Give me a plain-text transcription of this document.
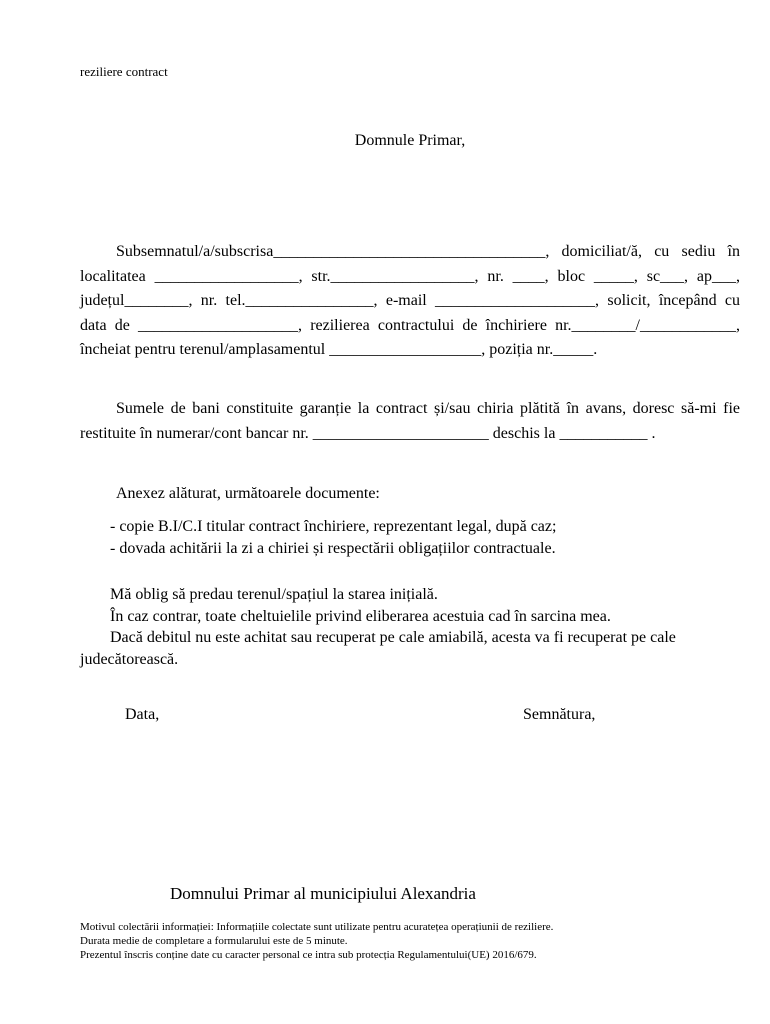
reziliere contract
Domnule Primar,
Subsemnatul/a/subscrisa__________________________________, domiciliat/ă, cu sediu în localitatea __________________, str.__________________, nr. ____, bloc _____, sc___, ap___, județul________, nr. tel.________________, e-mail ____________________, solicit, începând cu data de ____________________, rezilierea contractului de închiriere nr.________/____________, încheiat pentru terenul/amplasamentul ___________________, poziția nr._____.
Sumele de bani constituite garanție la contract și/sau chiria plătită în avans, doresc să-mi fie restituite în numerar/cont bancar nr. ______________________ deschis la ___________ .
Anexez alăturat, următoarele documente:
- copie B.I/C.I titular contract închiriere, reprezentant legal, după caz;
- dovada achitării la zi a chiriei și respectării obligațiilor contractuale.
Mă oblig să predau terenul/spațiul la starea inițială.
În caz contrar, toate cheltuielile privind eliberarea acestuia cad în sarcina mea.
Dacă debitul nu este achitat sau recuperat pe cale amiabilă, acesta va fi recuperat pe cale
judecătorească.
Data,	Semnătura,
Domnului Primar al municipiului Alexandria
Motivul colectării informației: Informațiile colectate sunt utilizate pentru acuratețea operațiunii de reziliere.
Durata medie de completare a formularului este de 5 minute.
Prezentul înscris conține date cu caracter personal ce intra sub protecția Regulamentului(UE) 2016/679.
